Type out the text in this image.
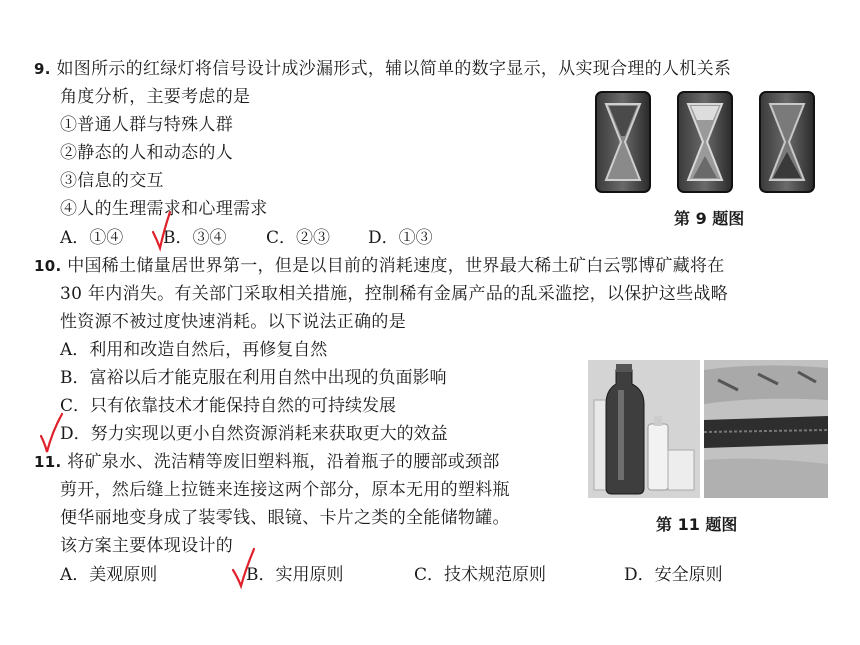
9. 如图所示的红绿灯将信号设计成沙漏形式，辅以简单的数字显示，从实现合理的人机关系
角度分析，主要考虑的是
①普通人群与特殊人群
②静态的人和动态的人
③信息的交互
④人的生理需求和心理需求
A．①④ B．③④ C．②③ D．①③
第 9 题图
10. 中国稀土储量居世界第一，但是以目前的消耗速度，世界最大稀土矿白云鄂博矿藏将在
30 年内消失。有关部门采取相关措施，控制稀有金属产品的乱采滥挖，以保护这些战略
性资源不被过度快速消耗。以下说法正确的是
A．利用和改造自然后，再修复自然
B．富裕以后才能克服在利用自然中出现的负面影响
C．只有依靠技术才能保持自然的可持续发展
D．努力实现以更小自然资源消耗来获取更大的效益
第 11 题图
11. 将矿泉水、洗洁精等废旧塑料瓶，沿着瓶子的腰部或颈部
剪开，然后缝上拉链来连接这两个部分，原本无用的塑料瓶
便华丽地变身成了装零钱、眼镜、卡片之类的全能储物罐。
该方案主要体现设计的
A．美观原则	B．实用原则	C．技术规范原则	D．安全原则
